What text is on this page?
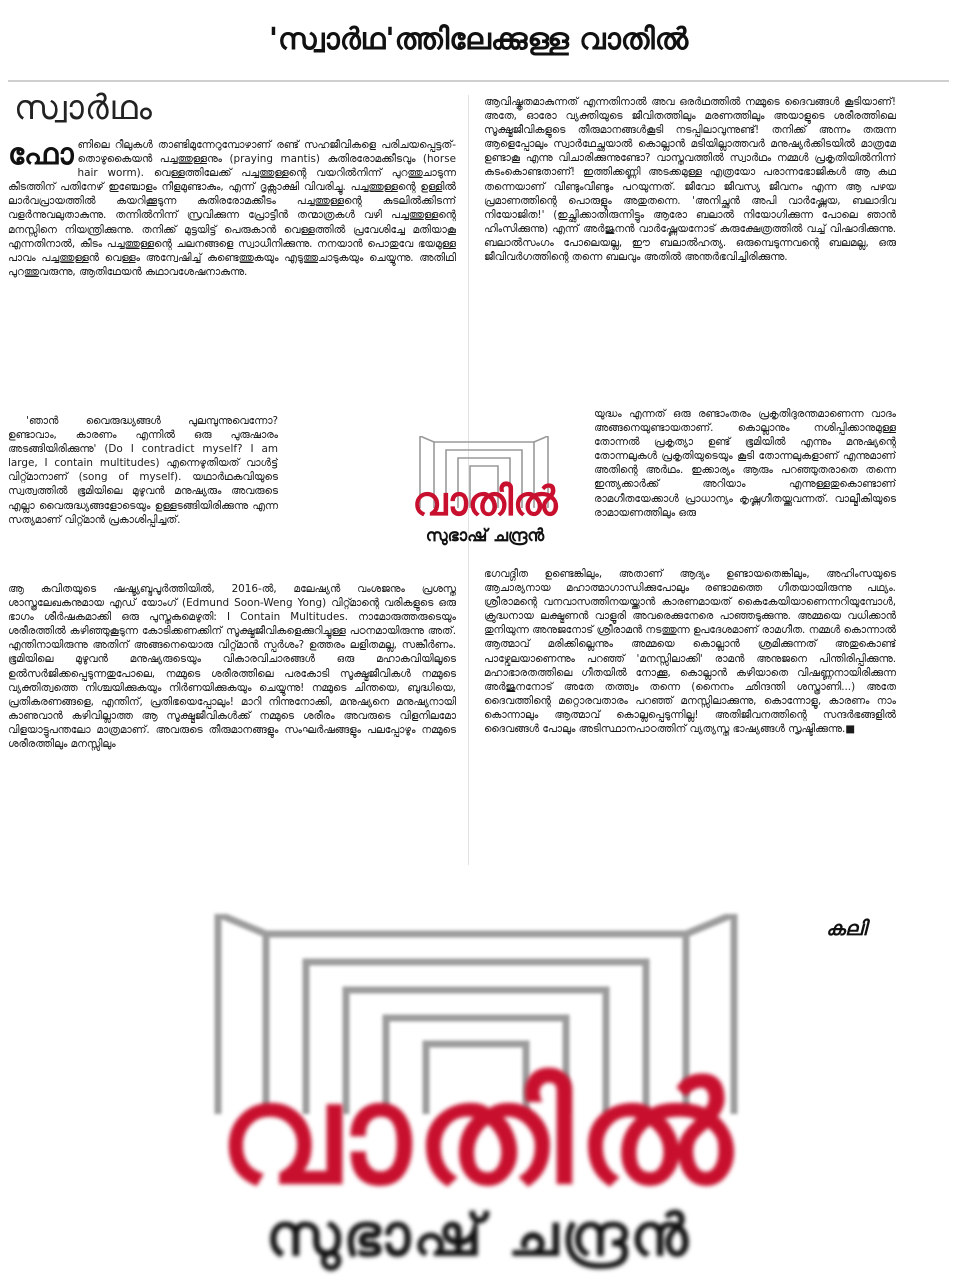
'സ്വാർഥ'ത്തിലേക്കുള്ള വാതിൽ
സ്വാർഥം
ഫോ ണിലെ റീലുകൾ താണ്ടിമുന്നേറുമ്പോഴാണ് രണ്ട് സഹജീവികളെ പരിചയപ്പെട്ടത്- തൊഴുകൈയൻ പച്ചത്തുള്ളനും (praying mantis) കുതിരരോമക്കീടവും (horse hair worm). വെള്ളത്തിലേക്ക് പച്ചത്തുള്ളന്റെ വയറിൽനിന്ന് പുറത്തുചാടുന്ന കീടത്തിന് പതിനേഴ് ഇഞ്ചോളം നീളമുണ്ടാകും, എന്ന് ദൃക്സാക്ഷി വിവരിച്ചു. പച്ചത്തുള്ളന്റെ ഉള്ളിൽ ലാർവപ്രായത്തിൽ കയറിക്കൂടുന്ന കുതിരരോമക്കീടം പച്ചത്തുള്ളന്റെ കുടലിൽക്കിടന്ന് വളർന്നുവലുതാകുന്നു. തന്നിൽനിന്ന് സ്രവിക്കുന്ന പ്രോട്ടീൻ തന്മാത്രകൾ വഴി പച്ചത്തുള്ളന്റെ മനസ്സിനെ നിയന്ത്രിക്കുന്നു. തനിക്ക് മുട്ടയിട്ട് പെരുകാൻ വെള്ളത്തിൽ പ്രവേശിച്ചേ മതിയാകൂ എന്നതിനാൽ, കീടം പച്ചത്തുള്ളന്റെ ചലനങ്ങളെ സ്വാധീനിക്കുന്നു. നനയാൻ പൊതുവേ ഭയമുള്ള പാവം പച്ചത്തുള്ളൻ വെള്ളം അന്വേഷിച്ച് കണ്ടെത്തുകയും എടുത്തുചാടുകയും ചെയ്യുന്നു. അതിഥി പുറത്തുവരുന്നു, ആതിഥേയൻ കഥാവശേഷനാകുന്നു.

'ഞാൻ വൈരുദ്ധ്യങ്ങൾ പുലമ്പുന്നുവെന്നോ? ഉണ്ടാവാം, കാരണം എന്നിൽ ഒരു പുരുഷാരം അടങ്ങിയിരിക്കുന്നു' (Do I contradict myself? I am large, I contain multitudes) എന്നെഴുതിയത് വാൾട്ട് വിറ്റ്മാനാണ് (song of myself). യഥാർഥകവിയുടെ സ്വത്വത്തിൽ ഭൂമിയിലെ മുഴുവൻ മനുഷ്യരും അവരുടെ എല്ലാ വൈരുദ്ധ്യങ്ങളോടെയും ഉള്ളടങ്ങിയിരിക്കുന്നു എന്ന സത്യമാണ് വിറ്റ്മാൻ പ്രകാശിപ്പിച്ചത്.

ആ കവിതയുടെ ഷഷ്ട്യബ്ദപൂർത്തിയിൽ, 2016-ൽ, മലേഷ്യൻ വംശജനും പ്രശസ്ത ശാസ്ത്രലേഖകനുമായ എഡ് യോംഗ് (Edmund Soon-Weng Yong) വിറ്റ്മാന്റെ വരികളുടെ ഒരു ഭാഗം ശീർഷകമാക്കി ഒരു പുസ്തകമെഴുതി: I Contain Multitudes. നാമോരുത്തരുടെയും ശരീരത്തിൽ കഴിഞ്ഞുകൂടുന്ന കോടിക്കണക്കിന് സൂക്ഷ്മജീവികളെക്കുറിച്ചുള്ള പഠനമായിരുന്നു അത്. എന്തിനായിരുന്നു അതിന് അങ്ങനെയൊരു വിറ്റ്മാൻ സ്പർശം? ഉത്തരം ലളിതമല്ല, സങ്കീർണം. ഭൂമിയിലെ മുഴുവൻ മനുഷ്യരുടെയും വികാരവിചാരങ്ങൾ ഒരു മഹാകവിയിലൂടെ ഉൽസർജിക്കപ്പെടുന്നതുപോലെ, നമ്മുടെ ശരീരത്തിലെ പരകോടി സൂക്ഷ്മജീവികൾ നമ്മുടെ വ്യക്തിത്വത്തെ നിശ്ചയിക്കുകയും നിർണയിക്കുകയും ചെയ്യുന്നു! നമ്മുടെ ചിന്തയെ, ബുദ്ധിയെ, പ്രതികരണങ്ങളെ, എന്തിന്, പ്രതിഭയെപ്പോലും! മാറി നിന്നുനോക്കി, മനുഷ്യനെ മനുഷ്യനായി കാണുവാൻ കഴിവില്ലാത്ത ആ സൂക്ഷ്മജീവികൾക്ക് നമ്മുടെ ശരീരം അവരുടെ വിളനിലമോ വിളയാട്ടുപന്തലോ മാത്രമാണ്. അവരുടെ തീരുമാനങ്ങളും സംഘർഷങ്ങളും പലപ്പോഴും നമ്മുടെ ശരീരത്തിലും മനസ്സിലും

ആവിഷ്കൃതമാകുന്നത് എന്നതിനാൽ അവ ഒരർഥത്തിൽ നമ്മുടെ ദൈവങ്ങൾ കൂടിയാണ്! അതേ, ഓരോ വ്യക്തിയുടെ ജീവിതത്തിലും മരണത്തിലും അയാളുടെ ശരീരത്തിലെ സൂക്ഷ്മജീവികളുടെ തീരുമാനങ്ങൾകൂടി നടപ്പിലാവുന്നുണ്ട്! തനിക്ക് അന്നം തരുന്ന ആളെപ്പോലും സ്വാർഥേച്ഛയാൽ കൊല്ലാൻ മടിയില്ലാത്തവർ മനുഷ്യർക്കിടയിൽ മാത്രമേ ഉണ്ടാകൂ എന്നു വിചാരിക്കുന്നുണ്ടോ? വാസ്തവത്തിൽ സ്വാർഥം നമ്മൾ പ്രകൃതിയിൽനിന്ന് കടംകൊണ്ടതാണ്! ഇത്തിക്കണ്ണി അടക്കമുള്ള എത്രയോ പരാന്നഭോജികൾ ആ കഥ തന്നെയാണ് വീണ്ടുംവീണ്ടും പറയുന്നത്. ജീവോ ജീവസ്യ ജീവനം എന്ന ആ പഴയ പ്രമാണത്തിന്റെ പൊരുളും അതുതന്നെ. 'അനിച്ഛൻ അപി വാർഷ്ണേയ, ബലാദിവ നിയോജിത!' (ഇച്ഛിക്കാതിരുന്നിട്ടും ആരോ ബലാൽ നിയോഗിക്കുന്ന പോലെ ഞാൻ ഹിംസിക്കുന്നു) എന്ന് അർജുനൻ വാർഷ്ണേയനോട് കുരുക്ഷേത്രത്തിൽ വച്ച് വിഷാദിക്കുന്നു. ബലാൽസംഗം പോലെയല്ല, ഈ ബലാൽഹത്യ. ഒരുമ്പെടുന്നവന്റെ ബലമല്ല, ഒരു ജീവിവർഗത്തിന്റെ തന്നെ ബലവും അതിൽ അന്തർഭവിച്ചിരിക്കുന്നു.

യുദ്ധം എന്നത് ഒരു രണ്ടാംതരം പ്രകൃതിദുരന്തമാണെന്ന വാദം അങ്ങനെയുണ്ടായതാണ്. കൊല്ലാനും നശിപ്പിക്കാനുമുള്ള തോന്നൽ പ്രകൃത്യാ ഉണ്ട് ഭൂമിയിൽ എന്നും മനുഷ്യന്റെ തോന്നലുകൾ പ്രകൃതിയുടെയും കൂടി തോന്നലുകളാണ് എന്നുമാണ് അതിന്റെ അർഥം. ഇക്കാര്യം ആരും പറഞ്ഞുതരാതെ തന്നെ ഇന്ത്യക്കാർക്ക് അറിയാം എന്നുള്ളതുകൊണ്ടാണ് രാമഗീതയേക്കാൾ പ്രാധാന്യം കൃഷ്ണഗീതയ്ക്കുവന്നത്. വാല്മീകിയുടെ രാമായണത്തിലും ഒരു

ഭഗവദ്ഗീത ഉണ്ടെങ്കിലും, അതാണ് ആദ്യം ഉണ്ടായതെങ്കിലും, അഹിംസയുടെ ആചാര്യനായ മഹാത്മാഗാന്ധിക്കുപോലും രണ്ടാമത്തെ ഗീതയായിരുന്നു പഥ്യം. ശ്രീരാമന്റെ വനവാസത്തിനയയ്ക്കാൻ കാരണമായത് കൈകേയിയാണെന്നറിയുമ്പോൾ, ക്രുദ്ധനായ ലക്ഷ്മണൻ വാളൂരി അവരെക്കുനേരെ പാഞ്ഞടുക്കുന്നു. അമ്മയെ വധിക്കാൻ തുനിയുന്ന അനുജനോട് ശ്രീരാമൻ നടത്തുന്ന ഉപദേശമാണ് രാമഗീത. നമ്മൾ കൊന്നാൽ ആത്മാവ് മരിക്കില്ലെന്നും അമ്മയെ കൊല്ലാൻ ശ്രമിക്കുന്നത് അതുകൊണ്ട് പാഴ്വേലയാണെന്നും പറഞ്ഞ് 'മനസ്സിലാക്കി' രാമൻ അനുജനെ പിന്തിരിപ്പിക്കുന്നു. മഹാഭാരതത്തിലെ ഗീതയിൽ നോക്കൂ, കൊല്ലാൻ കഴിയാതെ വിഷണ്ണനായിരിക്കുന്ന അർജുനനോട് അതേ തത്ത്വം തന്നെ (നൈനം ഛിന്ദന്തി ശസ്ത്രാണി...) അതേ ദൈവത്തിന്റെ മറ്റൊരവതാരം പറഞ്ഞ് മനസ്സിലാക്കുന്നു, കൊന്നോളൂ, കാരണം നാം കൊന്നാലും ആത്മാവ് കൊല്ലപ്പെടുന്നില്ല! അതിജീവനത്തിന്റെ സന്ദർഭങ്ങളിൽ ദൈവങ്ങൾ പോലും അടിസ്ഥാനപാഠത്തിന് വ്യത്യസ്ത ഭാഷ്യങ്ങൾ സൃഷ്ടിക്കുന്നു.■

വാതിൽ
സുഭാഷ് ചന്ദ്രൻ
കലി
വാതിൽ
സുഭാഷ് ചന്ദ്രൻ
